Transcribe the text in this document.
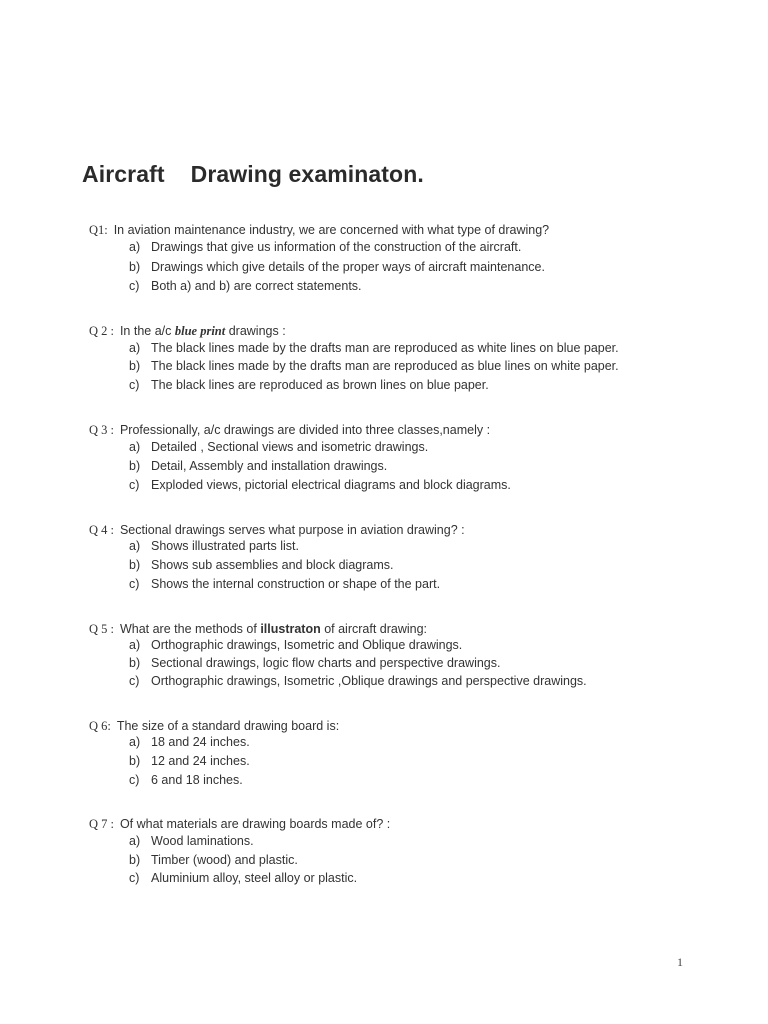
Aircraft Drawing examinaton.

Q1: In aviation maintenance industry, we are concerned with what type of drawing?

a) Drawings that give us information of the construction of the aircraft.
b) Drawings which give details of the proper ways of aircraft maintenance.
c) Both a) and b) are correct statements.

Q 2 : In the a/c blue print drawings :

a) The black lines made by the drafts man are reproduced as white lines on blue paper.
b) The black lines made by the drafts man are reproduced as blue lines on white paper.
c) The black lines are reproduced as brown lines on blue paper.

Q 3 : Professionally, a/c drawings are divided into three classes,namely :

a) Detailed , Sectional views and isometric drawings.
b) Detail, Assembly and installation drawings.
c) Exploded views, pictorial electrical diagrams and block diagrams.

Q 4 : Sectional drawings serves what purpose in aviation drawing? :

a) Shows illustrated parts list.
b) Shows sub assemblies and block diagrams.
c) Shows the internal construction or shape of the part.

Q 5 : What are the methods of illustraton of aircraft drawing:

a) Orthographic drawings, Isometric and Oblique drawings.
b) Sectional drawings, logic flow charts and perspective drawings.
c) Orthographic drawings, Isometric ,Oblique drawings and perspective drawings.

Q 6: The size of a standard drawing board is:

a) 18 and 24 inches.
b) 12 and 24 inches.
c) 6 and 18 inches.

Q 7 : Of what materials are drawing boards made of? :

a) Wood laminations.
b) Timber (wood) and plastic.
c) Aluminium alloy, steel alloy or plastic.
1
